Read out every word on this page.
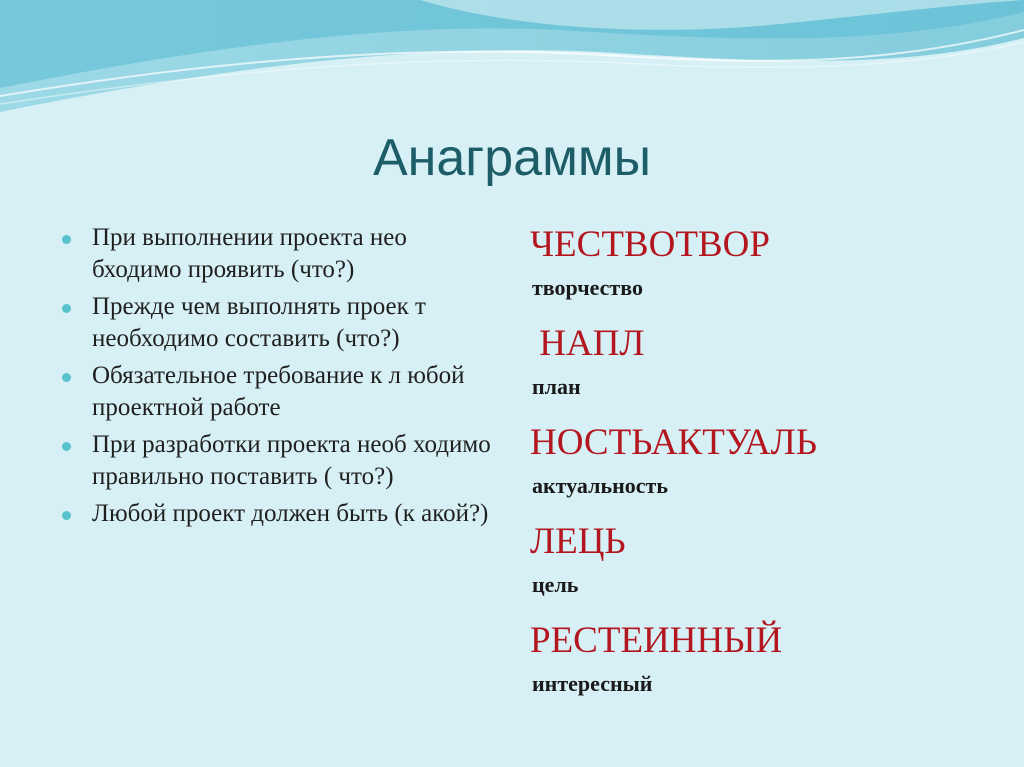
Анаграммы
При выполнении проекта нео бходимо проявить (что?)
Прежде чем выполнять проек т необходимо составить (что?)
Обязательное требование к л юбой проектной работе
При разработки проекта необ ходимо правильно поставить ( что?)
Любой проект должен быть (к акой?)
ЧЕСТВОТВОР
творчество
НАПЛ
план
НОСТЬАКТУАЛЬ
актуальность
ЛЕЦЬ
цель
РЕСТЕИННЫЙ
интересный
